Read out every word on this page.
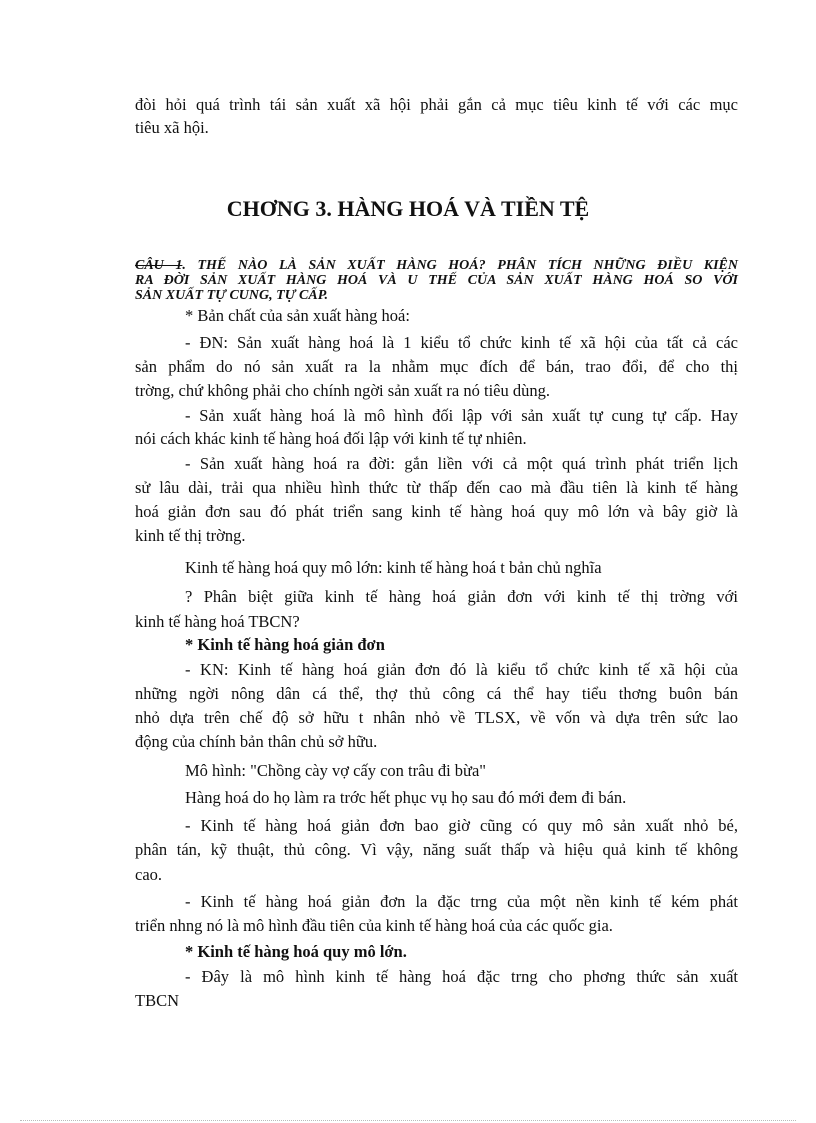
đòi hỏi quá trình tái sản xuất xã hội phải gắn cả mục tiêu kinh tế với các mục
tiêu xã hội.
CHƠNG 3. HÀNG HOÁ VÀ TIỀN TỆ
CÂU 1. THẾ NÀO LÀ SẢN XUẤT HÀNG HOÁ? PHÂN TÍCH NHỮNG ĐIỀU KIỆN
RA ĐỜI SẢN XUẤT HÀNG HOÁ VÀ U THẾ CỦA SẢN XUẤT HÀNG HOÁ SO VỚI
SẢN XUẤT TỰ CUNG, TỰ CẤP.
* Bản chất của sản xuất hàng hoá:
- ĐN: Sản xuất hàng hoá là 1 kiểu tổ chức kinh tế xã hội của tất cả các
sản phẩm do nó sản xuất ra la nhằm mục đích để bán, trao đổi, để cho thị
trờng, chứ không phải cho chính ngời sản xuất ra nó tiêu dùng.
- Sản xuất hàng hoá là mô hình đối lập với sản xuất tự cung tự cấp. Hay
nói cách khác kinh tế hàng hoá đối lập với kinh tế tự nhiên.
- Sản xuất hàng hoá ra đời: gắn liền với cả một quá trình phát triển lịch
sử lâu dài, trải qua nhiều hình thức từ thấp đến cao mà đầu tiên là kinh tế hàng
hoá giản đơn sau đó phát triển sang kinh tế hàng hoá quy mô lớn và bây giờ là
kinh tế thị trờng.
Kinh tế hàng hoá quy mô lớn: kinh tế hàng hoá t bản chủ nghĩa
? Phân biệt giữa kinh tế hàng hoá giản đơn với kinh tế thị trờng với
kinh tế hàng hoá TBCN?
* Kinh tế hàng hoá giản đơn
- KN: Kinh tế hàng hoá giản đơn đó là kiểu tổ chức kinh tế xã hội của
những ngời nông dân cá thể, thợ thủ công cá thể hay tiểu thơng buôn bán
nhỏ dựa trên chế độ sở hữu t nhân nhỏ về TLSX, về vốn và dựa trên sức lao
động của chính bản thân chủ sở hữu.
Mô hình: "Chồng cày vợ cấy con trâu đi bừa"
Hàng hoá do họ làm ra trớc hết phục vụ họ sau đó mới đem đi bán.
- Kinh tế hàng hoá giản đơn bao giờ cũng có quy mô sản xuất nhỏ bé,
phân tán, kỹ thuật, thủ công. Vì vậy, năng suất thấp và hiệu quả kinh tế không
cao.
- Kinh tế hàng hoá giản đơn la đặc trng của một nền kinh tế kém phát
triển nhng nó là mô hình đầu tiên của kinh tế hàng hoá của các quốc gia.
* Kinh tế hàng hoá quy mô lớn.
- Đây là mô hình kinh tế hàng hoá đặc trng cho phơng thức sản xuất
TBCN
